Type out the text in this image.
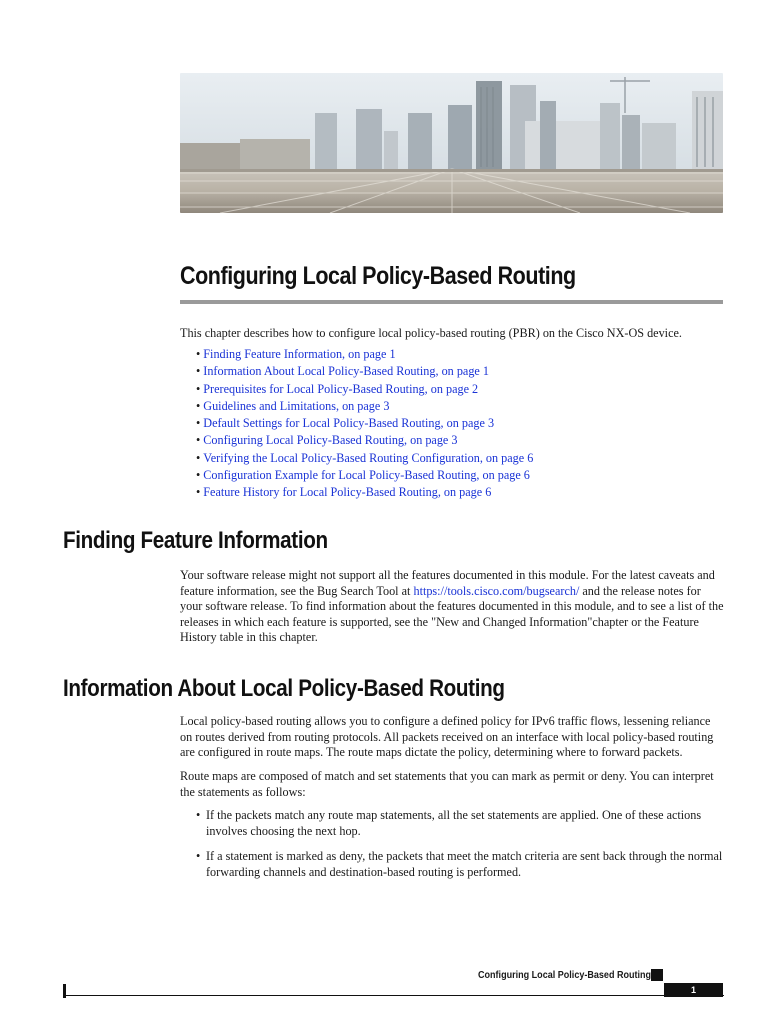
Configuring Local Policy-Based Routing

This chapter describes how to configure local policy-based routing (PBR) on the Cisco NX-OS device.

• Finding Feature Information, on page 1
• Information About Local Policy-Based Routing, on page 1
• Prerequisites for Local Policy-Based Routing, on page 2
• Guidelines and Limitations, on page 3
• Default Settings for Local Policy-Based Routing, on page 3
• Configuring Local Policy-Based Routing, on page 3
• Verifying the Local Policy-Based Routing Configuration, on page 6
• Configuration Example for Local Policy-Based Routing, on page 6
• Feature History for Local Policy-Based Routing, on page 6
Finding Feature Information

Your software release might not support all the features documented in this module. For the latest caveats and feature information, see the Bug Search Tool at https://tools.cisco.com/bugsearch/ and the release notes for your software release. To find information about the features documented in this module, and to see a list of the releases in which each feature is supported, see the "New and Changed Information"chapter or the Feature History table in this chapter.

Information About Local Policy-Based Routing

Local policy-based routing allows you to configure a defined policy for IPv6 traffic flows, lessening reliance on routes derived from routing protocols. All packets received on an interface with local policy-based routing are configured in route maps. The route maps dictate the policy, determining where to forward packets.

Route maps are composed of match and set statements that you can mark as permit or deny. You can interpret the statements as follows:

• If the packets match any route map statements, all the set statements are applied. One of these actions involves choosing the next hop.
• If a statement is marked as deny, the packets that meet the match criteria are sent back through the normal forwarding channels and destination-based routing is performed.
Configuring Local Policy-Based Routing
1
